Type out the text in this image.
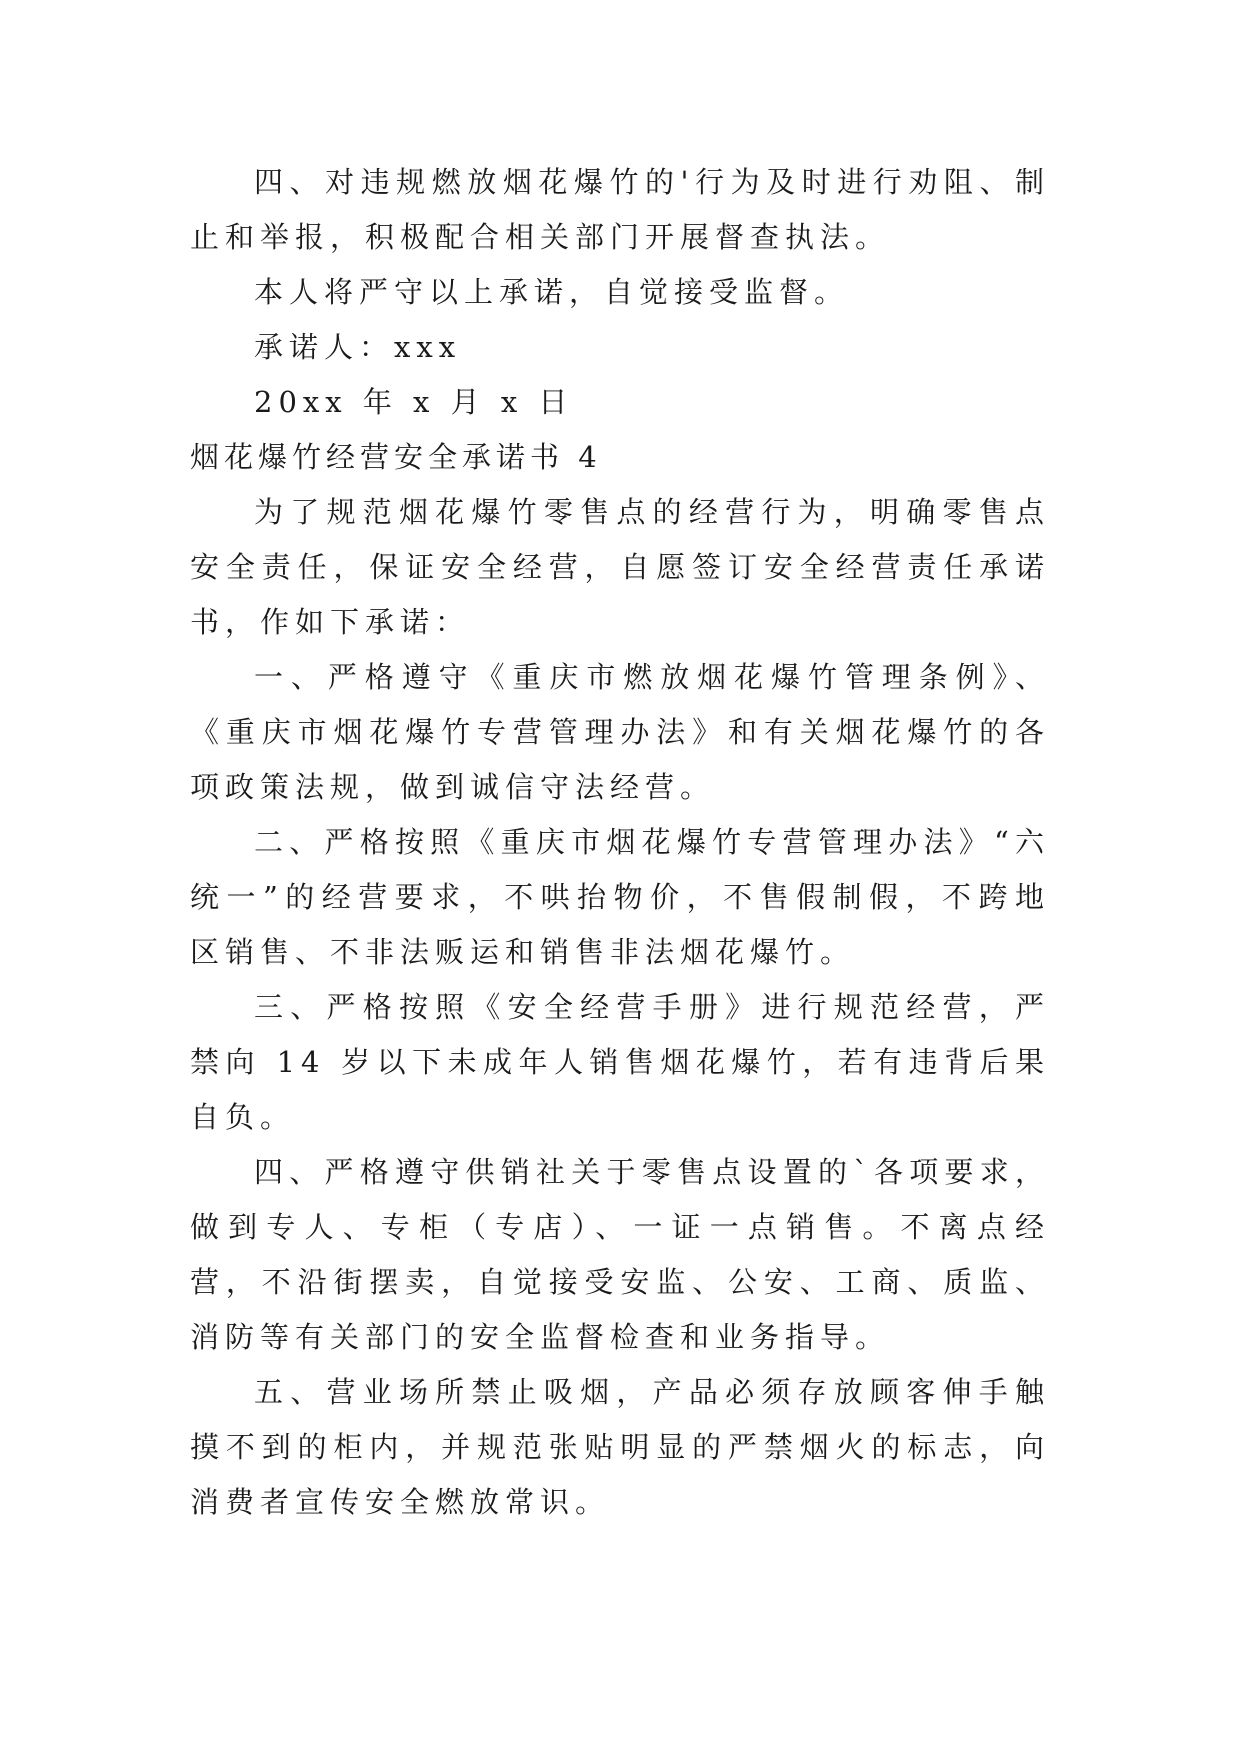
四、对违规燃放烟花爆竹的'行为及时进行劝阻、制止和举报，积极配合相关部门开展督查执法。

本人将严守以上承诺，自觉接受监督。

承诺人：xxx

20xx 年 x 月 x 日

烟花爆竹经营安全承诺书 4

为了规范烟花爆竹零售点的经营行为，明确零售点安全责任，保证安全经营，自愿签订安全经营责任承诺书，作如下承诺：

一、严格遵守《重庆市燃放烟花爆竹管理条例》、《重庆市烟花爆竹专营管理办法》和有关烟花爆竹的各项政策法规，做到诚信守法经营。

二、严格按照《重庆市烟花爆竹专营管理办法》“六统一”的经营要求，不哄抬物价，不售假制假，不跨地区销售、不非法贩运和销售非法烟花爆竹。

三、严格按照《安全经营手册》进行规范经营，严禁向 14 岁以下未成年人销售烟花爆竹，若有违背后果自负。

四、严格遵守供销社关于零售点设置的`各项要求，做到专人、专柜（专店）、一证一点销售。不离点经营，不沿街摆卖，自觉接受安监、公安、工商、质监、消防等有关部门的安全监督检查和业务指导。

五、营业场所禁止吸烟，产品必须存放顾客伸手触摸不到的柜内，并规范张贴明显的严禁烟火的标志，向消费者宣传安全燃放常识。
